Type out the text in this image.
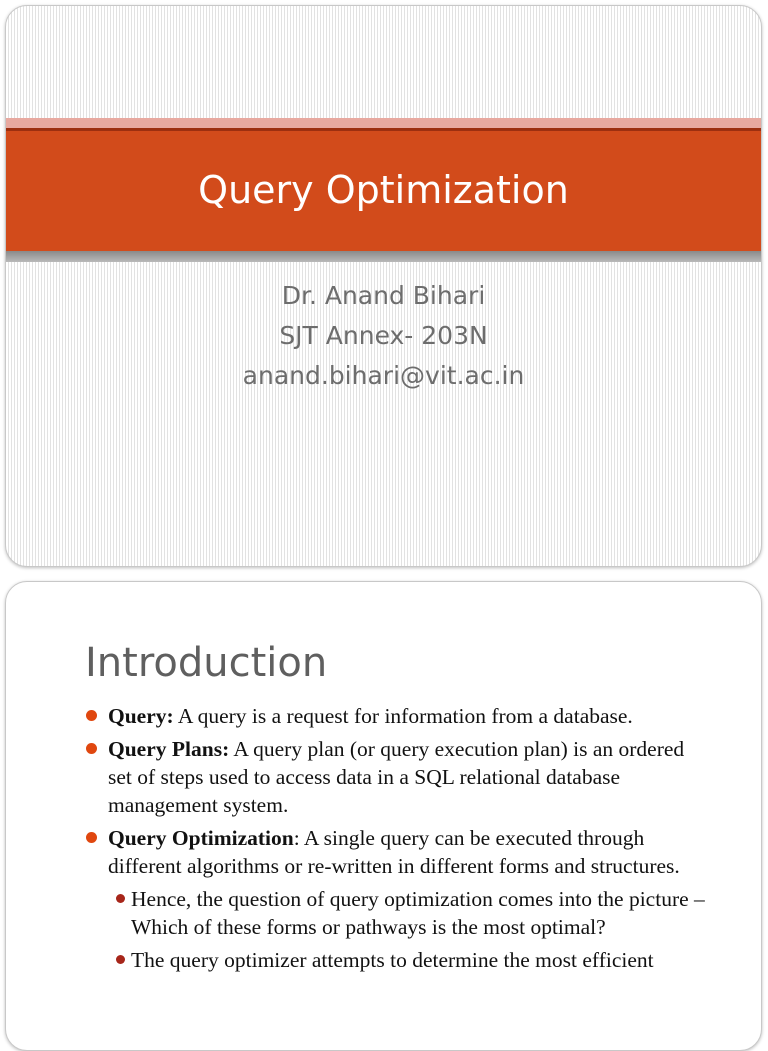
Query Optimization
Dr. Anand Bihari
SJT Annex- 203N
anand.bihari@vit.ac.in
Introduction
Query: A query is a request for information from a database.
Query Plans: A query plan (or query execution plan) is an ordered set of steps used to access data in a SQL relational database management system.
Query Optimization: A single query can be executed through different algorithms or re-written in different forms and structures.
Hence, the question of query optimization comes into the picture – Which of these forms or pathways is the most optimal?
The query optimizer attempts to determine the most efficient
